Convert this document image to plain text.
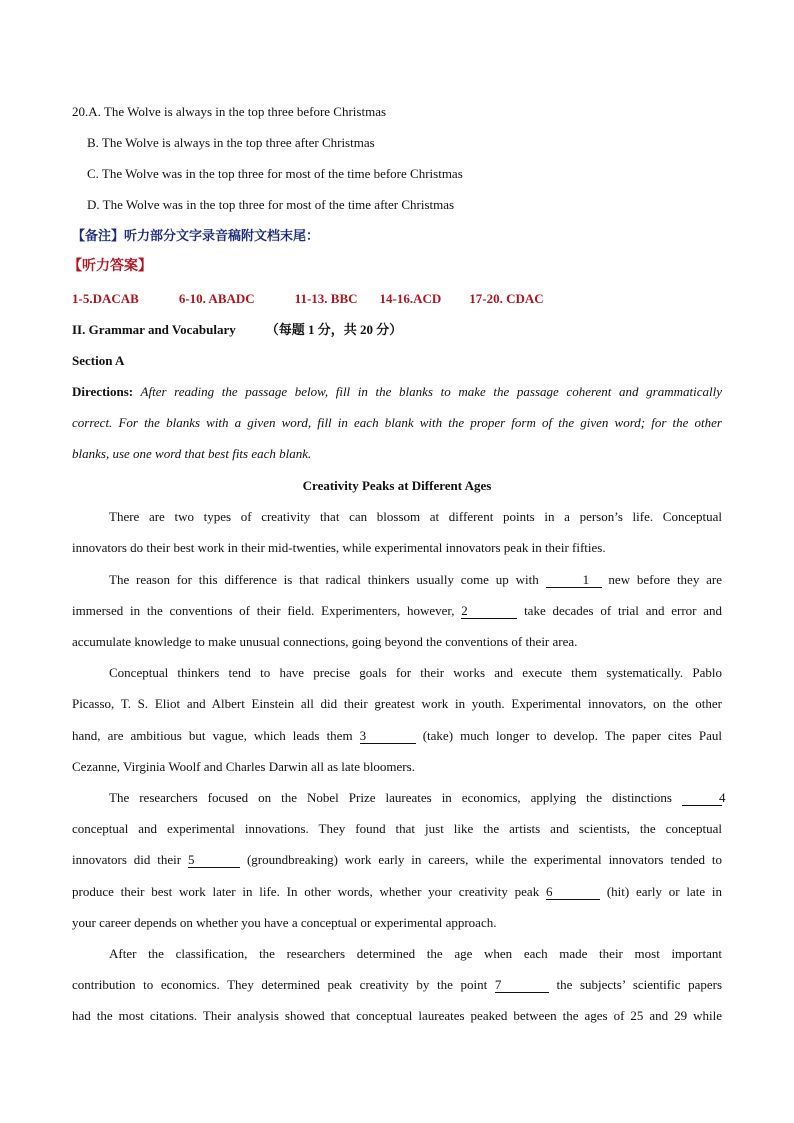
20.A. The Wolve is always in the top three before Christmas
B. The Wolve is always in the top three after Christmas
C. The Wolve was in the top three for most of the time before Christmas
D. The Wolve was in the top three for most of the time after Christmas
【备注】听力部分文字录音稿附文档末尾：
【听力答案】
1-5.DACAB	6-10. ABADC	11-13. BBC 14-16.ACD 17-20. CDAC
II. Grammar and Vocabulary （每题 1 分，共 20 分）
Section A
Directions: After reading the passage below, fill in the blanks to make the passage coherent and grammatically
correct. For the blanks with a given word, fill in each blank with the proper form of the given word; for the other
blanks, use one word that best fits each blank.
Creativity Peaks at Different Ages
There are two types of creativity that can blossom at different points in a person’s life. Conceptual
innovators do their best work in their mid-twenties, while experimental innovators peak in their fifties.
The reason for this difference is that radical thinkers usually come up with	1 new before they are
immersed in the conventions of their field. Experimenters, however, 2	take decades of trial and error and
accumulate knowledge to make unusual connections, going beyond the conventions of their area.
Conceptual thinkers tend to have precise goals for their works and execute them systematically. Pablo
Picasso, T. S. Eliot and Albert Einstein all did their greatest work in youth. Experimental innovators, on the other
hand, are ambitious but vague, which leads them 3	(take) much longer to develop. The paper cites Paul
Cezanne, Virginia Woolf and Charles Darwin all as late bloomers.
The researchers focused on the Nobel Prize laureates in economics, applying the distinctions	4
conceptual and experimental innovations. They found that just like the artists and scientists, the conceptual
innovators did their 5	(groundbreaking) work early in careers, while the experimental innovators tended to
produce their best work later in life. In other words, whether your creativity peak 6	(hit) early or late in
your career depends on whether you have a conceptual or experimental approach.
After the classification, the researchers determined the age when each made their most important
contribution to economics. They determined peak creativity by the point 7	the subjects’ scientific papers
had the most citations. Their analysis showed that conceptual laureates peaked between the ages of 25 and 29 while
